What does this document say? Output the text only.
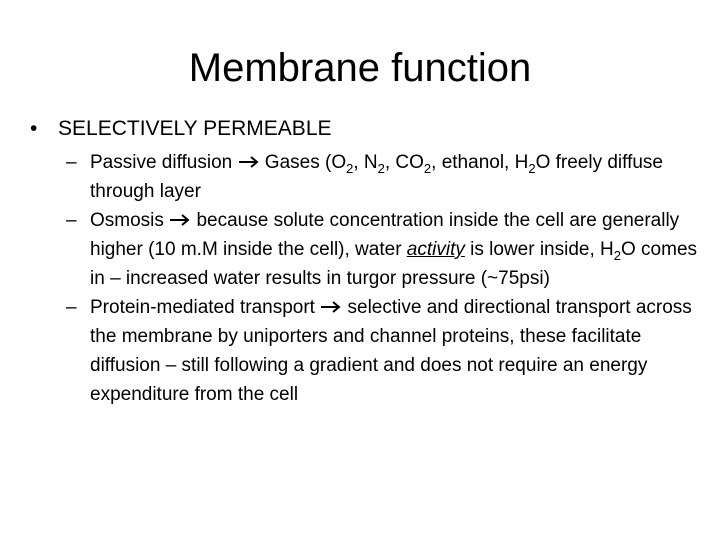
Membrane function
• SELECTIVELY PERMEABLE
– Passive diffusion Gases ($O_2$, $N_2$, $CO_2$, ethanol, $H_2O$ freely diffuse through layer
– Osmosis because solute concentration inside the cell are generally higher (10 m.M inside the cell), water activity is lower inside, $H_2O$ comes in – increased water results in turgor pressure (~75psi)
– Protein-mediated transport selective and directional transport across the membrane by uniporters and channel proteins, these facilitate diffusion – still following a gradient and does not require an energy expenditure from the cell
